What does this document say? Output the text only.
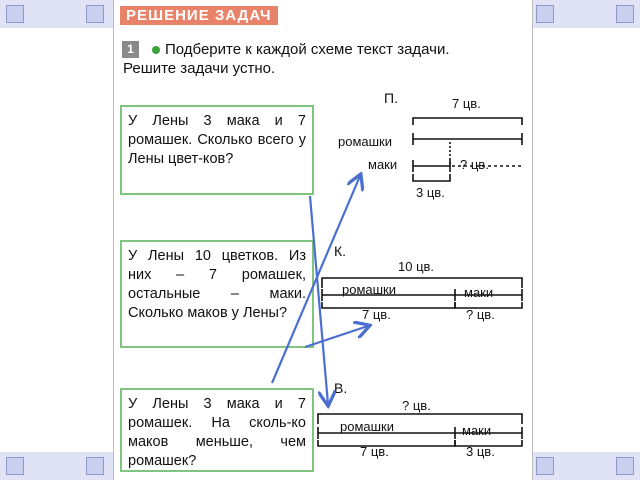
РЕШЕНИЕ ЗАДАЧ
1	Подберите к каждой схеме текст задачи.
Решите задачи устно.
У Лены 3 мака и 7 ромашек. Сколько всего у Лены цвет-ков?
У Лены 10 цветков. Из них – 7 ромашек, остальные – маки. Сколько маков у Лены?
У Лены 3 мака и 7 ромашек. На сколь-ко маков меньше, чем ромашек?
П.	7 цв.
ромашки
маки	? цв.
3 цв.
К.
10 цв.
ромашки	маки
7 цв.	? цв.
В.
? цв.
ромашки	маки
7 цв.	3 цв.
